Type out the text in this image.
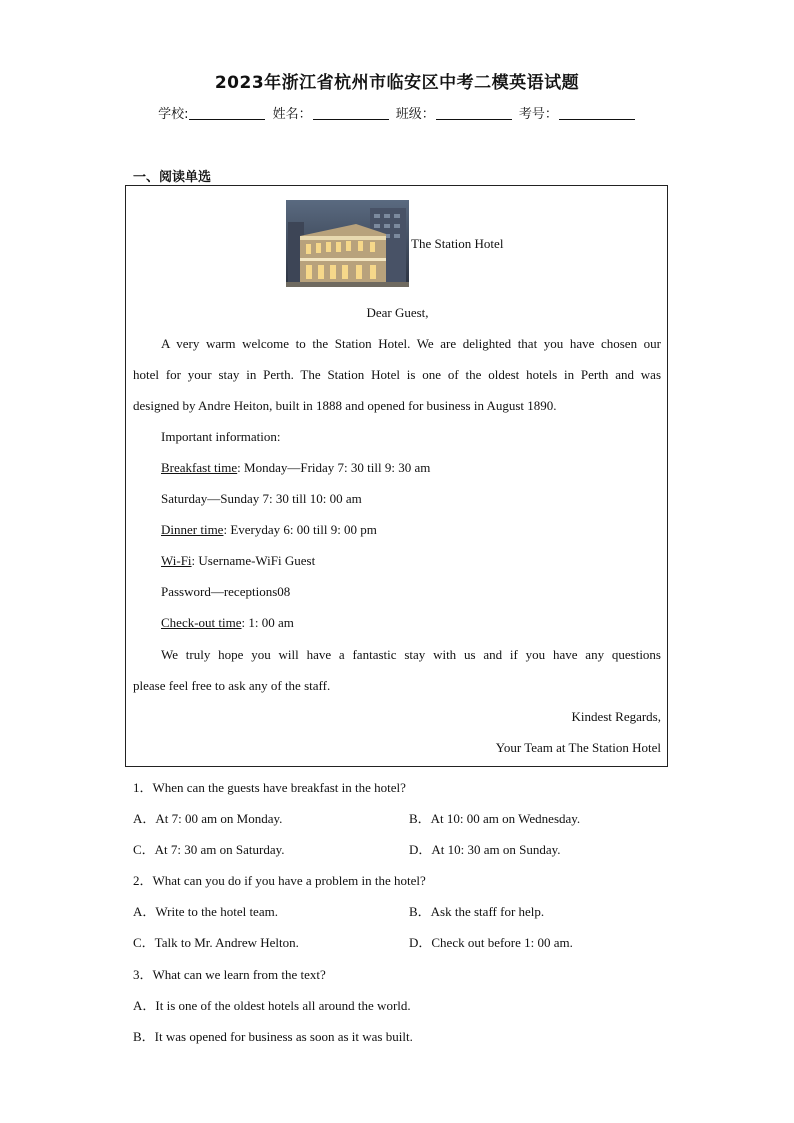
2023年浙江省杭州市临安区中考二模英语试题
学校:	姓名：	班级：	考号：
一、阅读单选
The Station Hotel
Dear Guest,
A very warm welcome to the Station Hotel. We are delighted that you have chosen our
hotel for your stay in Perth. The Station Hotel is one of the oldest hotels in Perth and was
designed by Andre Heiton, built in 1888 and opened for business in August 1890.
Important information:
Breakfast time: Monday—Friday 7: 30 till 9: 30 am
Saturday—Sunday 7: 30 till 10: 00 am
Dinner time: Everyday 6: 00 till 9: 00 pm
Wi-Fi: Username-WiFi Guest
Password—receptions08
Check-out time: 1: 00 am
We truly hope you will have a fantastic stay with us and if you have any questions
please feel free to ask any of the staff.
Kindest Regards,
Your Team at The Station Hotel
1．When can the guests have breakfast in the hotel?
A．At 7: 00 am on Monday.	B．At 10: 00 am on Wednesday.
C．At 7: 30 am on Saturday.	D．At 10: 30 am on Sunday.
2．What can you do if you have a problem in the hotel?
A．Write to the hotel team.	B．Ask the staff for help.
C．Talk to Mr. Andrew Helton.	D．Check out before 1: 00 am.
3．What can we learn from the text?
A．It is one of the oldest hotels all around the world.
B．It was opened for business as soon as it was built.
